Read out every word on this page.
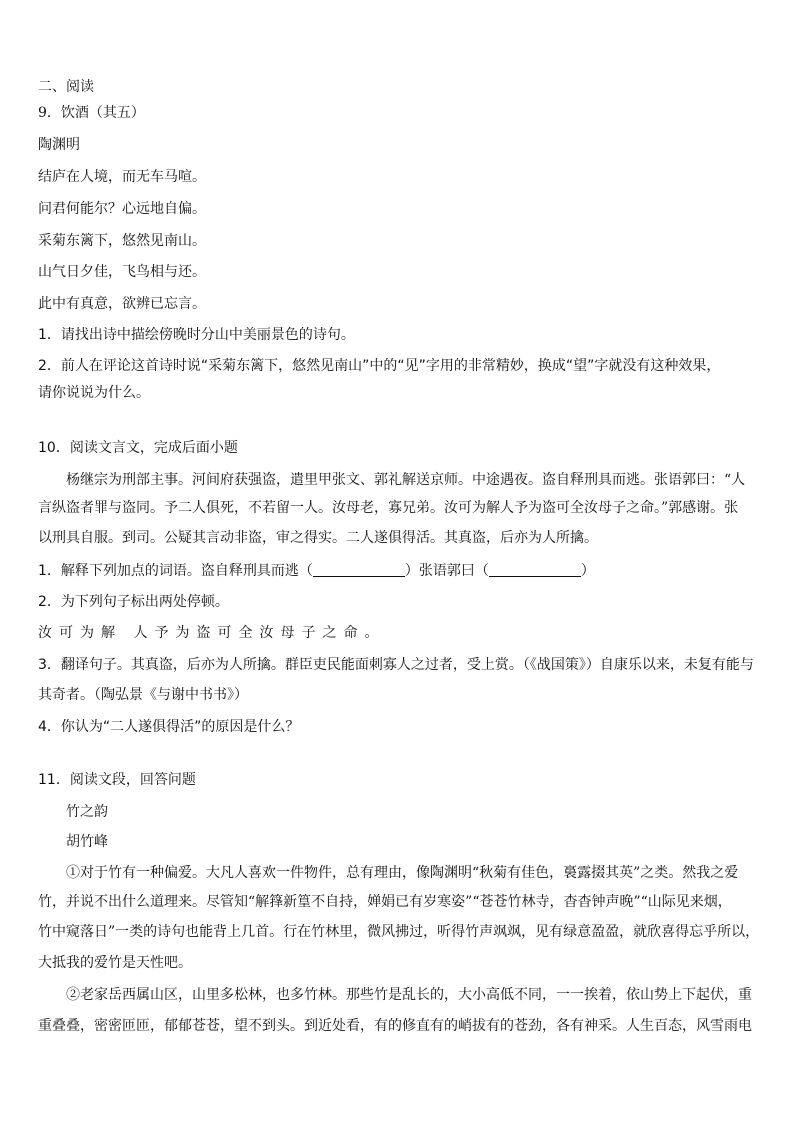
二、阅读
9．饮酒（其五）
陶渊明
结庐在人境，而无车马喧。
问君何能尔？心远地自偏。
采菊东篱下，悠然见南山。
山气日夕佳，飞鸟相与还。
此中有真意，欲辨已忘言。
1．请找出诗中描绘傍晚时分山中美丽景色的诗句。
2．前人在评论这首诗时说“采菊东篱下，悠然见南山”中的“见”字用的非常精妙，换成“望”字就没有这种效果，
请你说说为什么。
10．阅读文言文，完成后面小题
杨继宗为刑部主事。河间府获强盗，遣里甲张文、郭礼解送京师。中途遇夜。盗自释刑具而逃。张语郭曰：“人
言纵盗者罪与盗同。予二人俱死，不若留一人。汝母老，寡兄弟。汝可为解人予为盗可全汝母子之命。”郭感谢。张
以刑具自服。到司。公疑其言动非盗，审之得实。二人遂俱得活。其真盗，后亦为人所擒。
1．解释下列加点的词语。盗自释刑具而逃（	）张语郭曰（	）
2．为下列句子标出两处停顿。
汝可为解 人予为盗可全汝母子之命。
3．翻译句子。其真盗，后亦为人所擒。群臣吏民能面刺寡人之过者，受上赏。（《战国策》）自康乐以来，未复有能与
其奇者。（陶弘景《与谢中书书》）
4．你认为“二人遂俱得活”的原因是什么？
11．阅读文段，回答问题
竹之韵
胡竹峰
①对于竹有一种偏爱。大凡人喜欢一件物件，总有理由，像陶渊明“秋菊有佳色，裛露掇其英”之类。然我之爱
竹，并说不出什么道理来。尽管知“解箨新篁不自持，婵娟已有岁寒姿”“苍苍竹林寺，杳杳钟声晚”“山际见来烟，
竹中窥落日”一类的诗句也能背上几首。行在竹林里，微风拂过，听得竹声飒飒，见有绿意盈盈，就欣喜得忘乎所以，
大抵我的爱竹是天性吧。
②老家岳西属山区，山里多松林，也多竹林。那些竹是乱长的，大小高低不同，一一挨着，依山势上下起伏，重
重叠叠，密密匝匝，郁郁苍苍，望不到头。到近处看，有的修直有的峭拔有的苍劲，各有神采。人生百态，风雪雨电
